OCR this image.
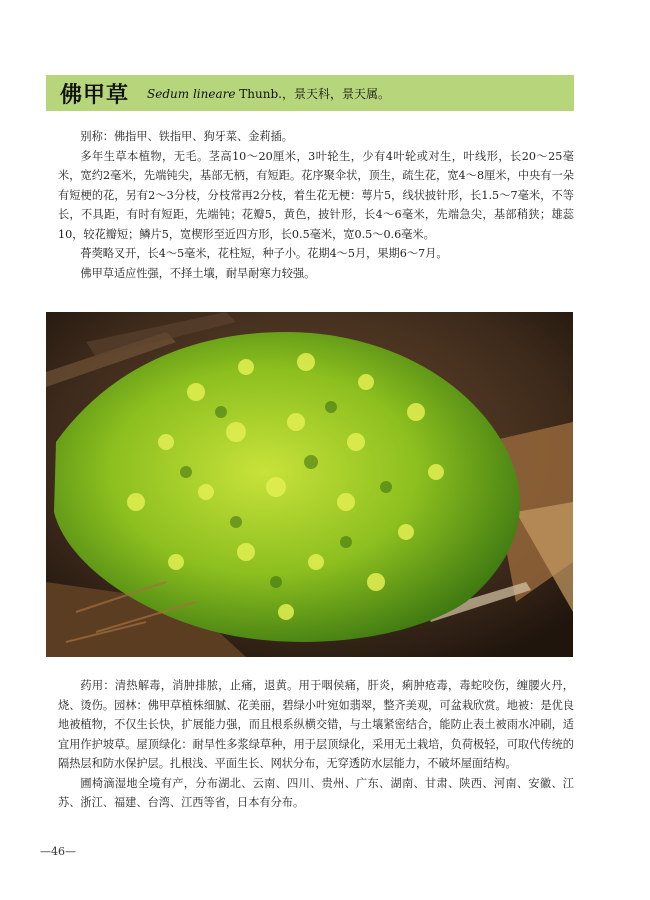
佛甲草 Sedum lineare Thunb.，景天科，景天属。

别称：佛指甲、铁指甲、狗牙菜、金莉插。

多年生草本植物，无毛。茎高10～20厘米，3叶轮生，少有4叶轮或对生，叶线形，长20～25毫米，宽约2毫米，先端钝尖，基部无柄，有短距。花序聚伞状，顶生，疏生花，宽4～8厘米，中央有一朵有短梗的花，另有2～3分枝，分枝常再2分枝，着生花无梗：萼片5，线状披针形，长1.5～7毫米，不等长，不具距，有时有短距，先端钝；花瓣5，黄色，披针形，长4～6毫米，先端急尖，基部稍狭；雄蕊10，较花瓣短；鳞片5，宽楔形至近四方形，长0.5毫米，宽0.5～0.6毫米。

蓇葖略叉开，长4～5毫米，花柱短，种子小。花期4～5月，果期6～7月。

佛甲草适应性强，不择土壤，耐旱耐寒力较强。

药用：清热解毒，消肿排脓，止痛，退黄。用于咽侯痛，肝炎，痢肿疮毒，毒蛇咬伤，缠腰火丹，烧、烫伤。园林：佛甲草植株细腻、花美丽，碧绿小叶宛如翡翠，整齐美观，可盆栽欣赏。地被：是优良地被植物，不仅生长快，扩展能力强，而且根系纵横交错，与土壤紧密结合，能防止表土被雨水冲刷，适宜用作护坡草。屋顶绿化：耐旱性多浆绿草种，用于层顶绿化，采用无土栽培，负荷极轻，可取代传统的隔热层和防水保护层。扎根浅、平面生长、网状分布，无穿透防水层能力，不破坏屋面结构。

圃椅滴湿地全境有产，分布湖北、云南、四川、贵州、广东、湖南、甘肃、陕西、河南、安徽、江苏、浙江、福建、台湾、江西等省，日本有分布。

—46—
